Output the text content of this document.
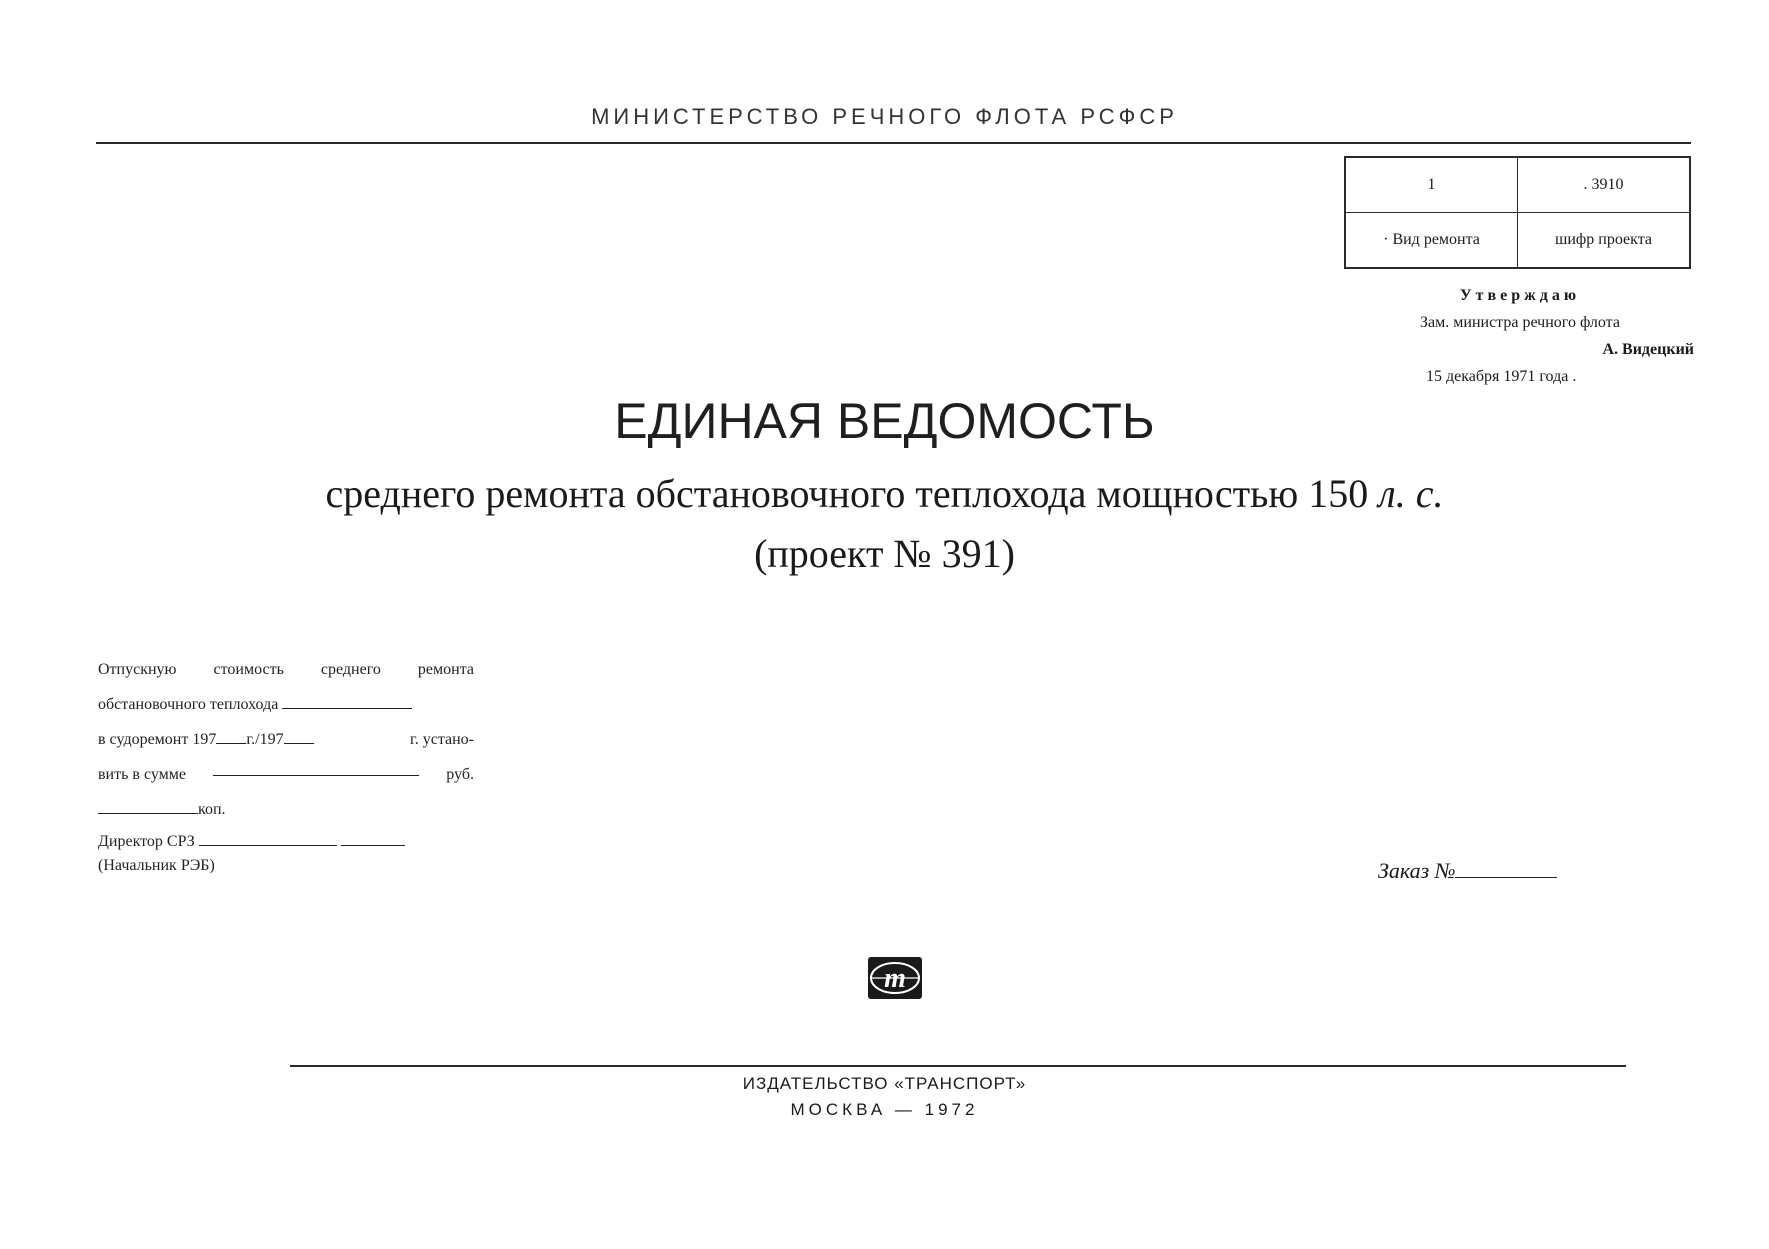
МИНИСТЕРСТВО РЕЧНОГО ФЛОТА РСФСР
1	. 3910
· Вид ремонта	шифр проекта
Утверждаю
Зам. министра речного флота
А. Видецкий
15 декабря 1971 года .
ЕДИНАЯ ВЕДОМОСТЬ
среднего ремонта обстановочного теплохода мощностью 150 л. с.
(проект № 391)
Отпускную стоимость среднего ремонта
обстановочного теплохода
в судоремонт 197 г./197	г. устано-
вить в сумме	руб.
коп.
Директор СРЗ
(Начальник РЭБ)	Заказ №
т
ИЗДАТЕЛЬСТВО «ТРАНСПОРТ»
МОСКВА — 1972
